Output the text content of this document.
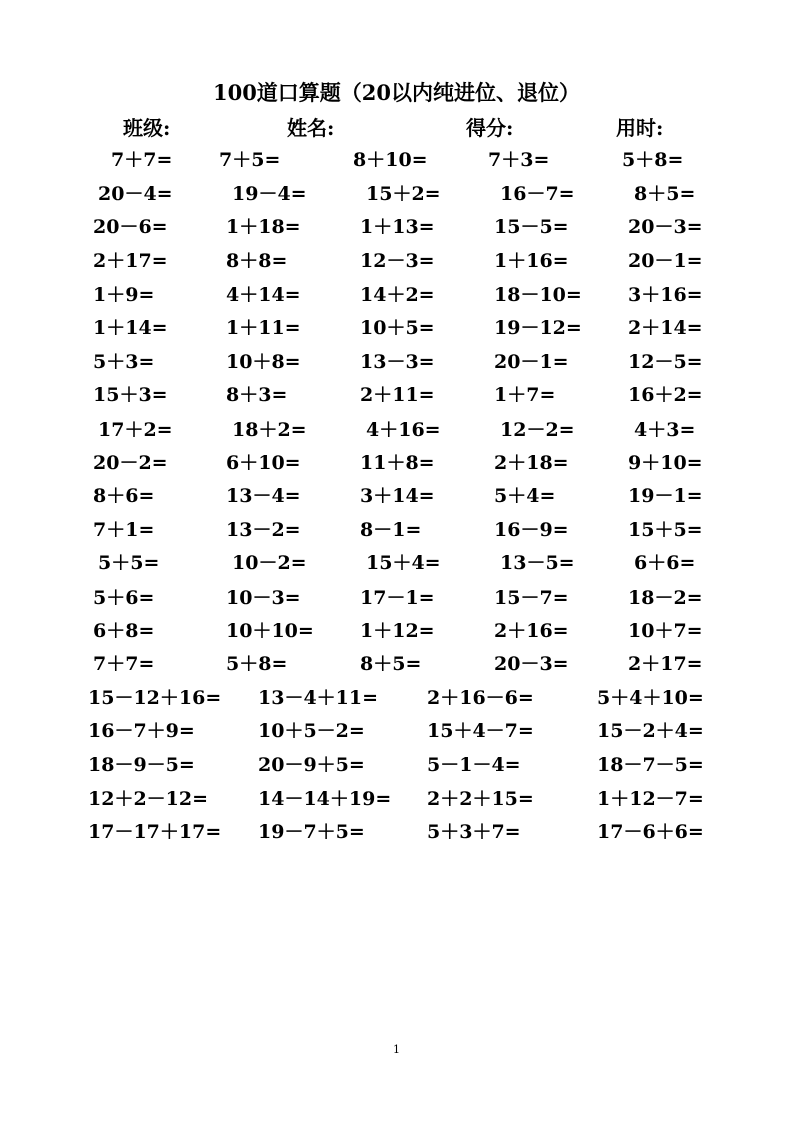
100道口算题（20以内纯进位、退位）
班级:	姓名:	得分:	用时:
7＋7= 7＋5=	8＋10=	7＋3=	5＋8=
20－4=	19－4=	15＋2=	16－7=	8＋5=
20－6=	1＋18=	1＋13=	15－5=	20－3=
2＋17=	8＋8=	12－3=	1＋16=	20－1=
1＋9=	4＋14=	14＋2=	18－10= 3＋16=
1＋14=	1＋11=	10＋5=	19－12= 2＋14=
5＋3=	10＋8=	13－3=	20－1=	12－5=
15＋3=	8＋3=	2＋11=	1＋7=	16＋2=
17＋2=	18＋2=	4＋16=	12－2=	4＋3=
20－2=	6＋10=	11＋8=	2＋18=	9＋10=
8＋6=	13－4=	3＋14=	5＋4=	19－1=
7＋1=	13－2=	8－1=	16－9=	15＋5=
5＋5=	10－2=	15＋4=	13－5=	6＋6=
5＋6=	10－3=	17－1=	15－7=	18－2=
6＋8=	10＋10= 1＋12=	2＋16=	10＋7=
7＋7=	5＋8=	8＋5=	20－3=	2＋17=
15－12＋16= 13－4＋11=	2＋16－6=	5＋4＋10=
16－7＋9=	10＋5－2=	15＋4－7=	15－2＋4=
18－9－5=	20－9＋5=	5－1－4=	18－7－5=
12＋2－12=	14－14＋19= 2＋2＋15=	1＋12－7=
17－17＋17= 19－7＋5=	5＋3＋7=	17－6＋6=
1
